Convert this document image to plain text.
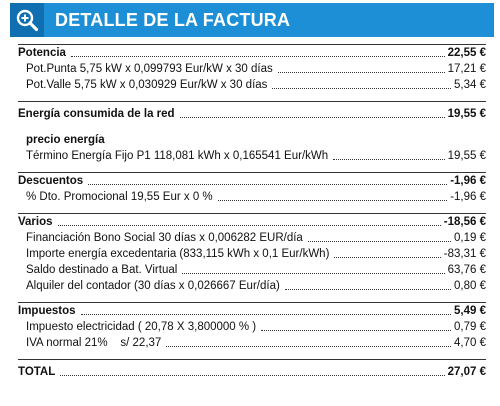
DETALLE DE LA FACTURA
Potencia	22,55 €
Pot.Punta 5,75 kW x 0,099793 Eur/kW x 30 días	17,21 €
Pot.Valle 5,75 kW x 0,030929 Eur/kW x 30 días	5,34 €
Energía consumida de la red	19,55 €
precio energía
Término Energía Fijo P1 118,081 kWh x 0,165541 Eur/kWh	19,55 €
Descuentos	-1,96 €
% Dto. Promocional 19,55 Eur x 0 %	-1,96 €
Varios	-18,56 €
Financiación Bono Social 30 días x 0,006282 EUR/día	0,19 €
Importe energía excedentaria (833,115 kWh x 0,1 Eur/kWh)	-83,31 €
Saldo destinado a Bat. Virtual	63,76 €
Alquiler del contador (30 días x 0,026667 Eur/día)	0,80 €
Impuestos	5,49 €
Impuesto electricidad ( 20,78 X 3,800000 % )	0,79 €
IVA normal 21%    s/ 22,37	4,70 €
TOTAL	27,07 €
